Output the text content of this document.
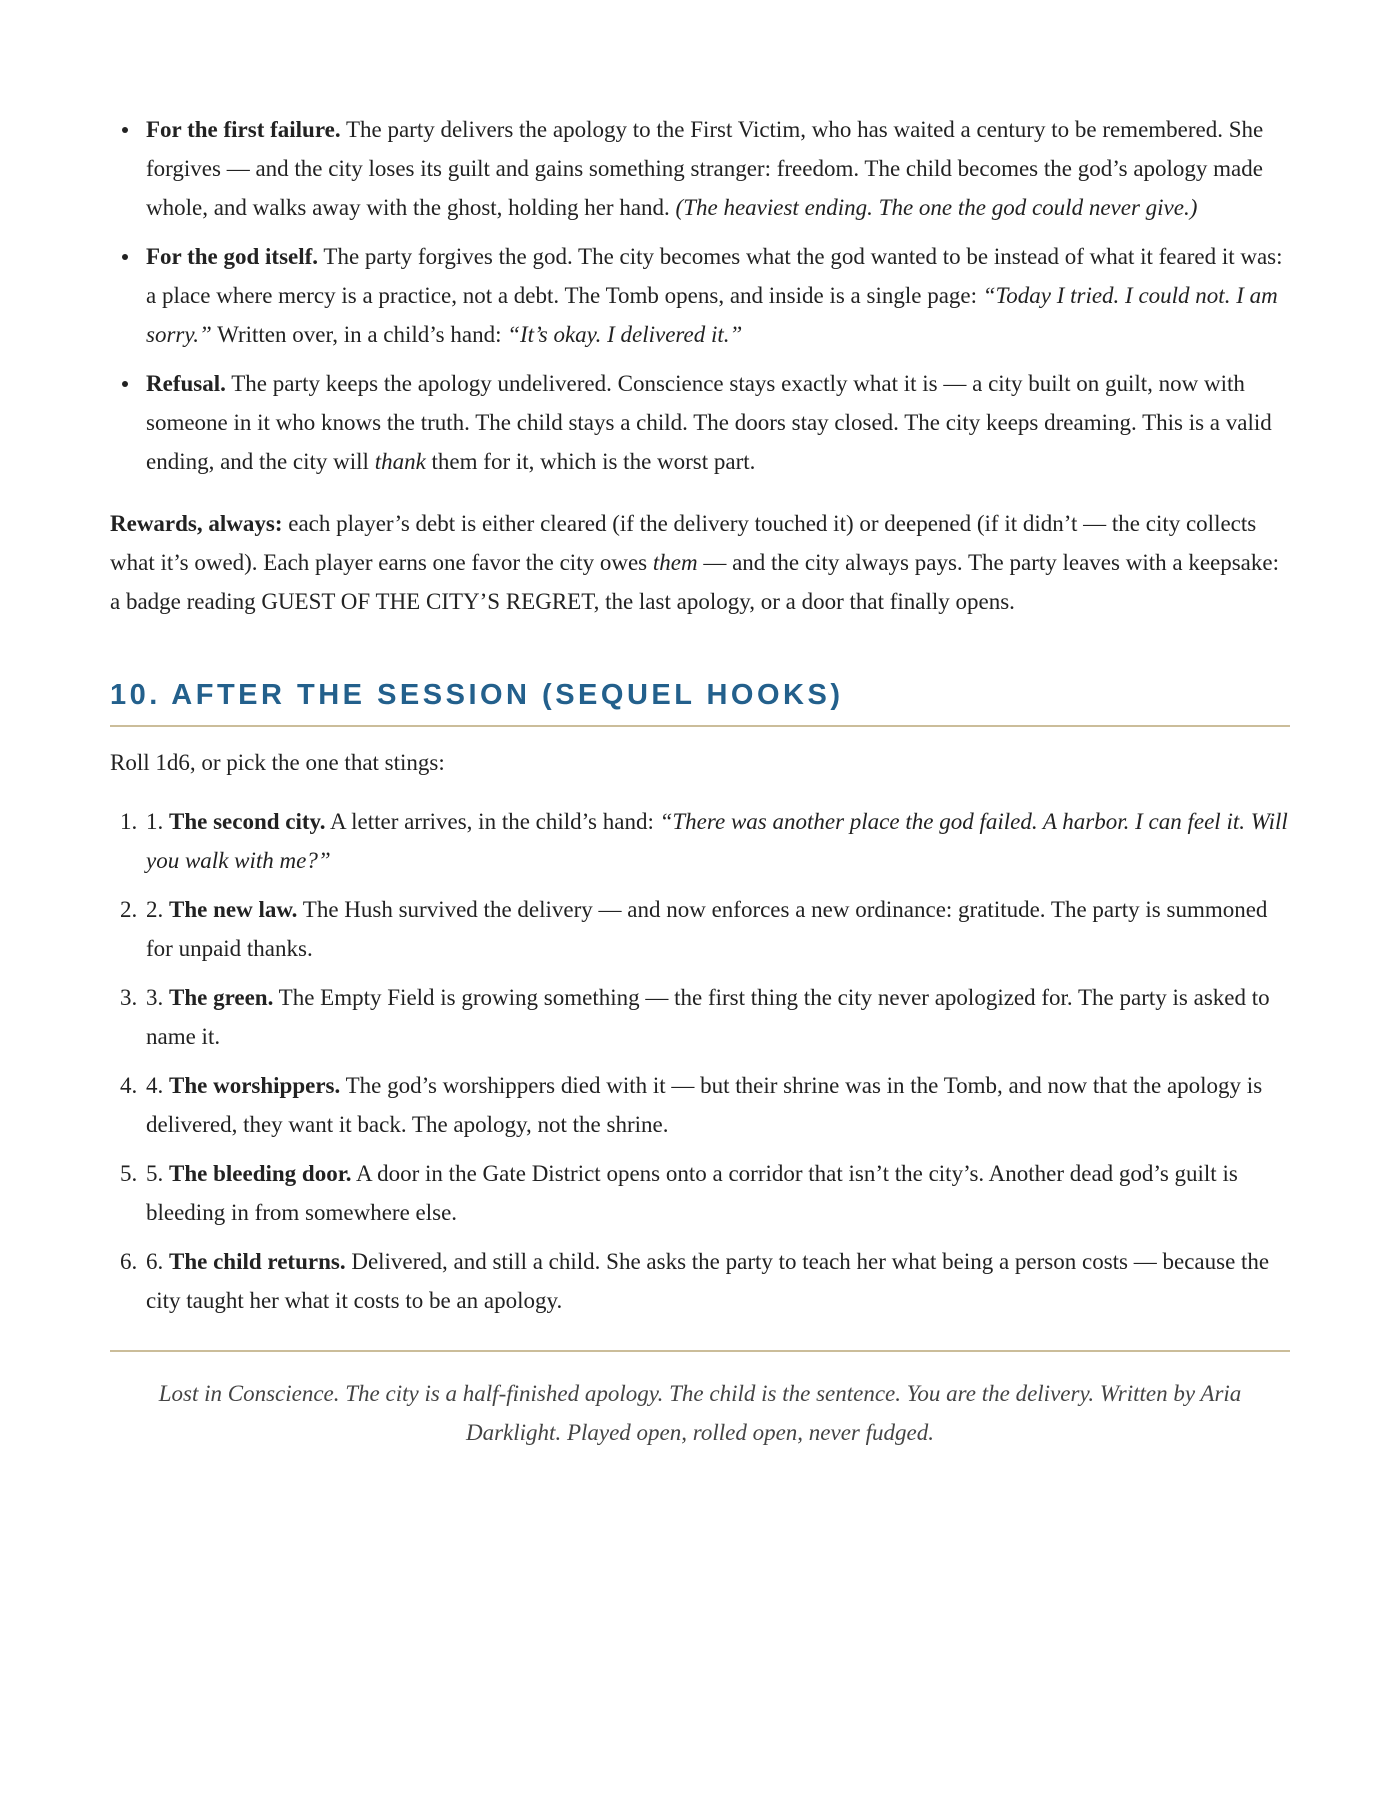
For the first failure. The party delivers the apology to the First Victim, who has waited a century to be remembered. She forgives — and the city loses its guilt and gains something stranger: freedom. The child becomes the god’s apology made whole, and walks away with the ghost, holding her hand. (The heaviest ending. The one the god could never give.)
For the god itself. The party forgives the god. The city becomes what the god wanted to be instead of what it feared it was: a place where mercy is a practice, not a debt. The Tomb opens, and inside is a single page: “Today I tried. I could not. I am sorry.” Written over, in a child’s hand: “It’s okay. I delivered it.”
Refusal. The party keeps the apology undelivered. Conscience stays exactly what it is — a city built on guilt, now with someone in it who knows the truth. The child stays a child. The doors stay closed. The city keeps dreaming. This is a valid ending, and the city will thank them for it, which is the worst part.

Rewards, always: each player’s debt is either cleared (if the delivery touched it) or deepened (if it didn’t — the city collects what it’s owed). Each player earns one favor the city owes them — and the city always pays. The party leaves with a keepsake: a badge reading GUEST OF THE CITY’S REGRET, the last apology, or a door that finally opens.

10. AFTER THE SESSION (SEQUEL HOOKS)

Roll 1d6, or pick the one that stings:

1. 1. The second city. A letter arrives, in the child’s hand: “There was another place the god failed. A harbor. I can feel it. Will you walk with me?”
2. 2. The new law. The Hush survived the delivery — and now enforces a new ordinance: gratitude. The party is summoned for unpaid thanks.
3. 3. The green. The Empty Field is growing something — the first thing the city never apologized for. The party is asked to name it.
4. 4. The worshippers. The god’s worshippers died with it — but their shrine was in the Tomb, and now that the apology is delivered, they want it back. The apology, not the shrine.
5. 5. The bleeding door. A door in the Gate District opens onto a corridor that isn’t the city’s. Another dead god’s guilt is bleeding in from somewhere else.
6. 6. The child returns. Delivered, and still a child. She asks the party to teach her what being a person costs — because the city taught her what it costs to be an apology.

Lost in Conscience. The city is a half-finished apology. The child is the sentence. You are the delivery. Written by Aria Darklight. Played open, rolled open, never fudged.
